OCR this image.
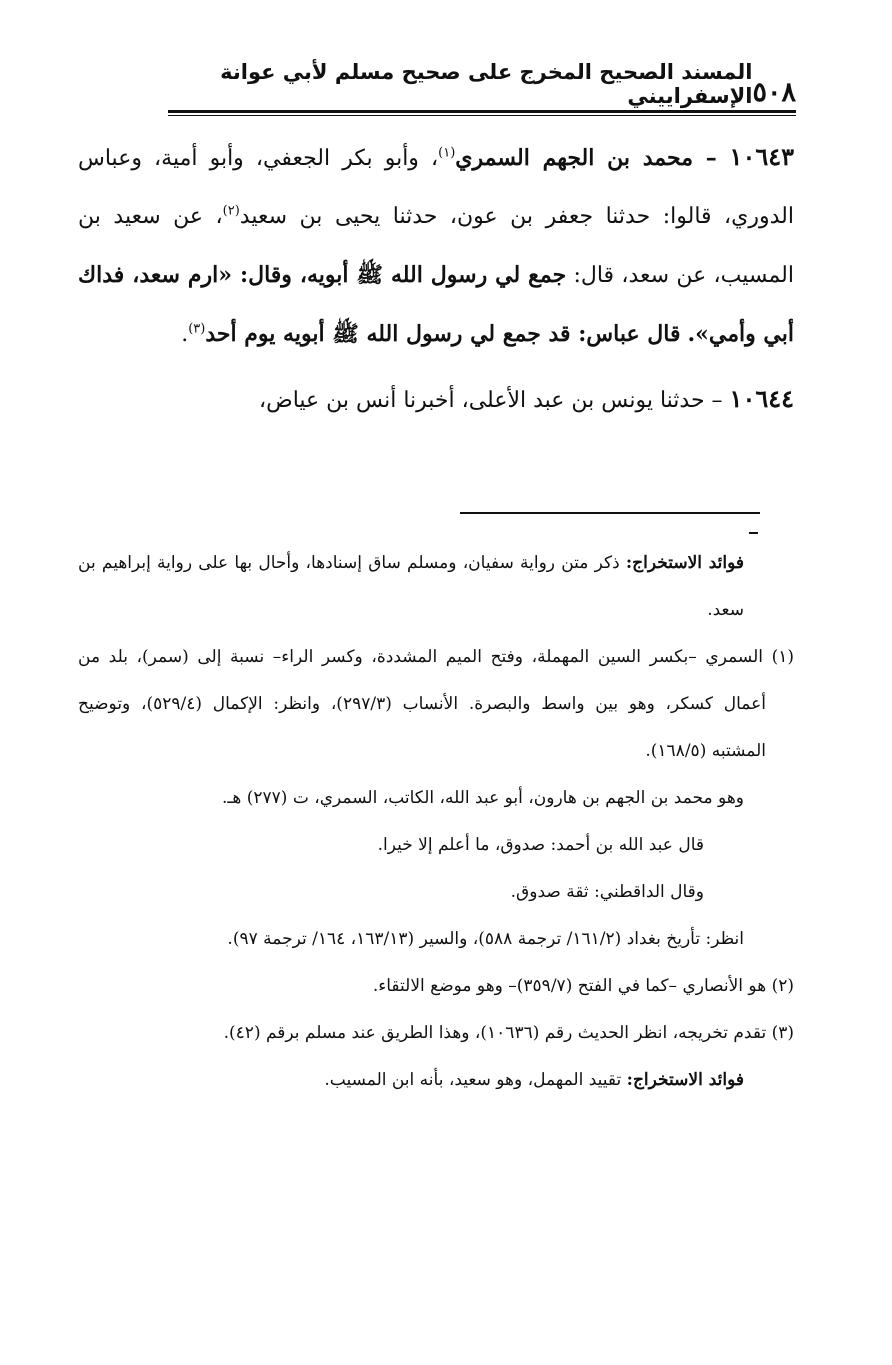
٥٠٨
المسند الصحيح المخرج على صحيح مسلم لأبي عوانة الإسفراييني

١٠٦٤٣ – محمد بن الجهم السمري$^{(١)}$، وأبو بكر الجعفي، وأبو أمية، وعباس الدوري، قالوا: حدثنا جعفر بن عون، حدثنا يحيى بن سعيد$^{(٢)}$، عن سعيد بن المسيب، عن سعد، قال: جمع لي رسول الله ﷺ أبويه، وقال: «ارم سعد، فداك أبي وأمي». قال عباس: قد جمع لي رسول الله ﷺ أبويه يوم أحد$^{(٣)}$.

١٠٦٤٤ – حدثنا يونس بن عبد الأعلى، أخبرنا أنس بن عياض،

فوائد الاستخراج: ذكر متن رواية سفيان، ومسلم ساق إسنادها، وأحال بها على رواية إبراهيم بن سعد.

(١) السمري –بكسر السين المهملة، وفتح الميم المشددة، وكسر الراء– نسبة إلى (سمر)، بلد من أعمال كسكر، وهو بين واسط والبصرة. الأنساب (٢٩٧/٣)، وانظر: الإكمال (٥٢٩/٤)، وتوضيح المشتبه (١٦٨/٥).

وهو محمد بن الجهم بن هارون، أبو عبد الله، الكاتب، السمري، ت (٢٧٧) هـ.

قال عبد الله بن أحمد: صدوق، ما أعلم إلا خيرا.

وقال الداقطني: ثقة صدوق.

انظر: تأريخ بغداد (١٦١/٢/ ترجمة ٥٨٨)، والسير (١٦٣/١٣، ١٦٤/ ترجمة ٩٧).

(٢) هو الأنصاري –كما في الفتح (٣٥٩/٧)– وهو موضع الالتقاء.

(٣) تقدم تخريجه، انظر الحديث رقم (١٠٦٣٦)، وهذا الطريق عند مسلم برقم (٤٢).

فوائد الاستخراج: تقييد المهمل، وهو سعيد، بأنه ابن المسيب.
